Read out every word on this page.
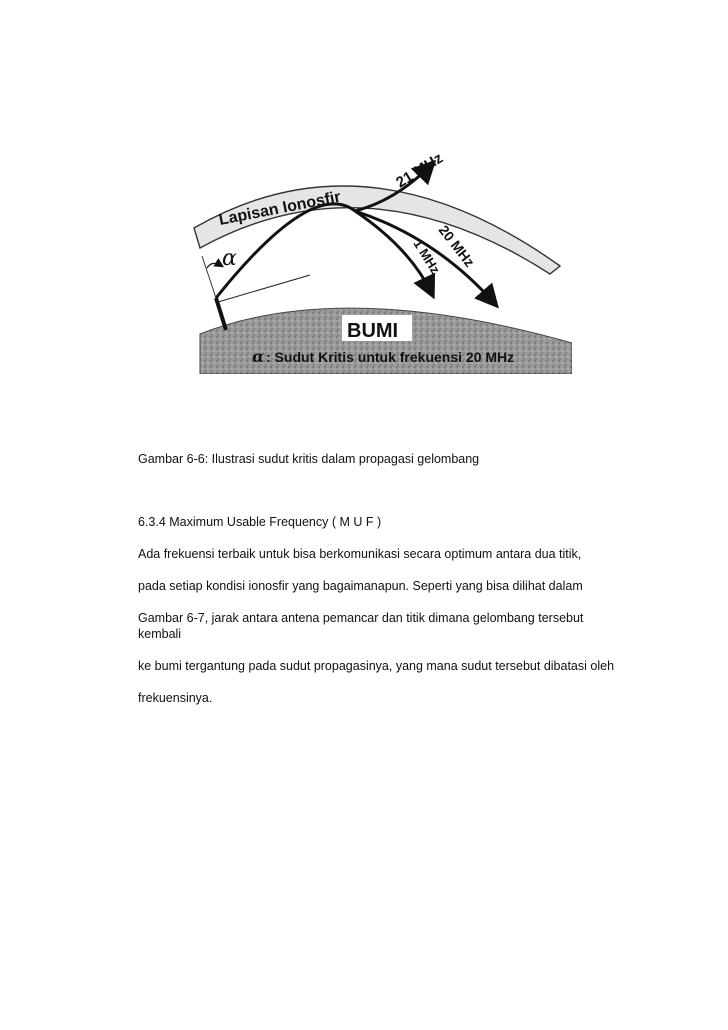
BUMI
Lapisan Ionosfir
21 MHz
20 MHz
1 MHz
α
α : Sudut Kritis untuk frekuensi 20 MHz

Gambar 6-6: Ilustrasi sudut kritis dalam propagasi gelombang

6.3.4 Maximum Usable Frequency ( M U F )

Ada frekuensi terbaik untuk bisa berkomunikasi secara optimum antara dua titik,

pada setiap kondisi ionosfir yang bagaimanapun. Seperti yang bisa dilihat dalam

Gambar 6-7, jarak antara antena pemancar dan titik dimana gelombang tersebut

kembali

ke bumi tergantung pada sudut propagasinya, yang mana sudut tersebut dibatasi oleh

frekuensinya.
